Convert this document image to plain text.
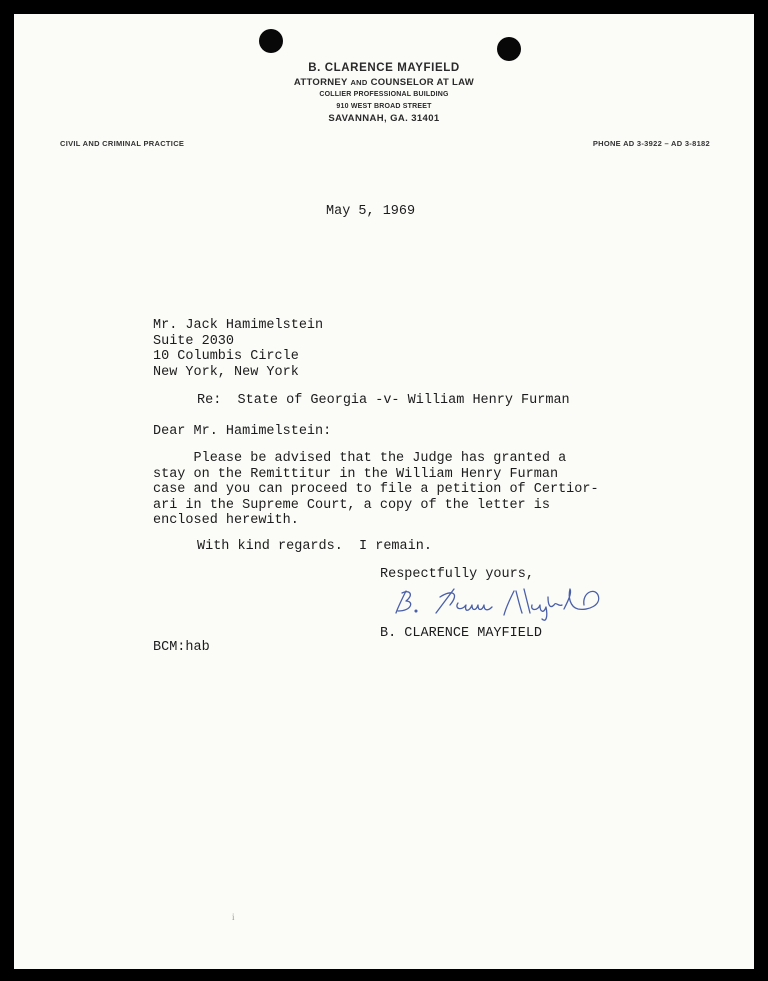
B. CLARENCE MAYFIELD
ATTORNEY AND COUNSELOR AT LAW
COLLIER PROFESSIONAL BUILDING
910 WEST BROAD STREET
SAVANNAH, GA. 31401
CIVIL AND CRIMINAL PRACTICE	PHONE AD 3-3922 – AD 3-8182
May 5, 1969
Mr. Jack Hamimelstein
Suite 2030
10 Columbis Circle
New York, New York
Re:  State of Georgia -v- William Henry Furman
Dear Mr. Hamimelstein:
Please be advised that the Judge has granted a
stay on the Remittitur in the William Henry Furman
case and you can proceed to file a petition of Certior-
ari in the Supreme Court, a copy of the letter is
enclosed herewith.
With kind regards.  I remain.
Respectfully yours,
B. CLARENCE MAYFIELD
BCM:hab
i
